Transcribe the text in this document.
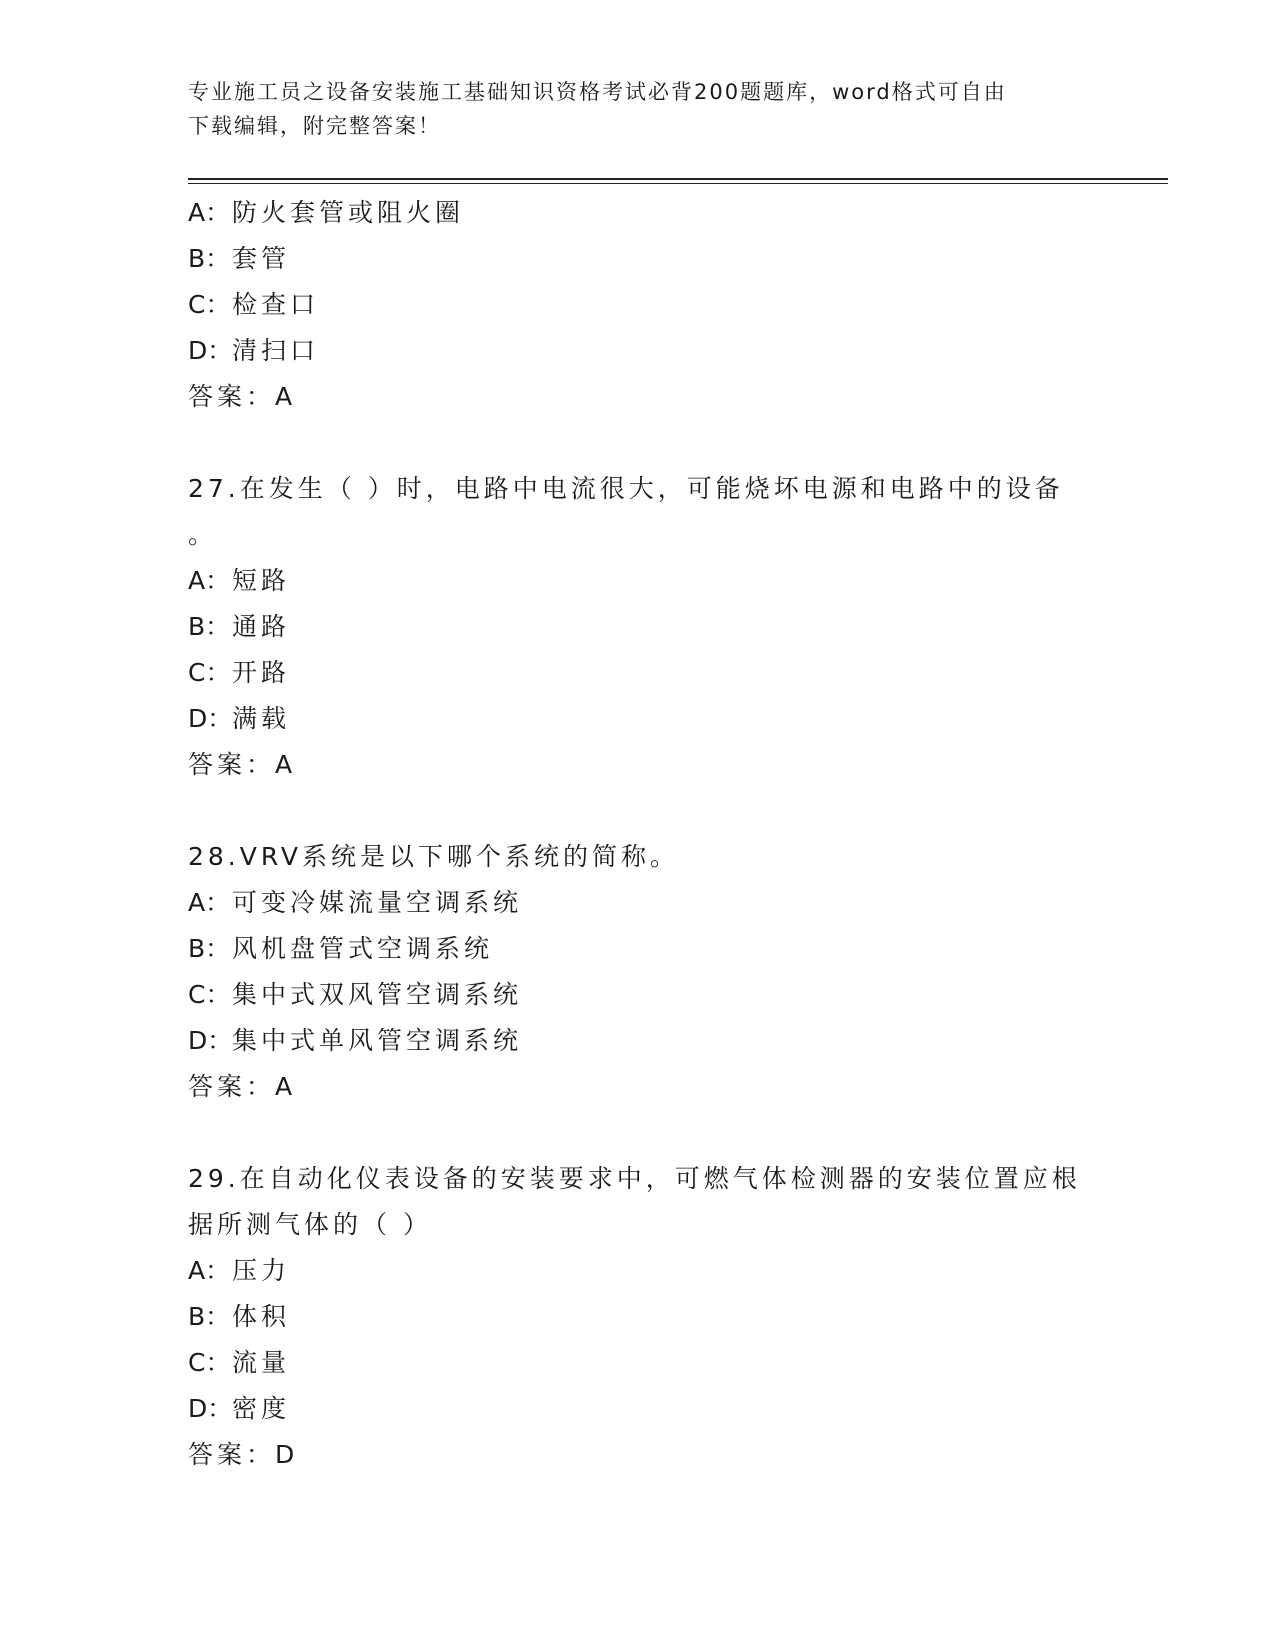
专业施工员之设备安装施工基础知识资格考试必背200题题库，word格式可自由
下载编辑，附完整答案！
A：防火套管或阻火圈
B：套管
C：检查口
D：清扫口
答案：A
27.在发生（ ）时，电路中电流很大，可能烧坏电源和电路中的设备
。
A：短路
B：通路
C：开路
D：满载
答案：A
28.VRV系统是以下哪个系统的简称。
A：可变冷媒流量空调系统
B：风机盘管式空调系统
C：集中式双风管空调系统
D：集中式单风管空调系统
答案：A
29.在自动化仪表设备的安装要求中，可燃气体检测器的安装位置应根
据所测气体的（ ）
A：压力
B：体积
C：流量
D：密度
答案：D
